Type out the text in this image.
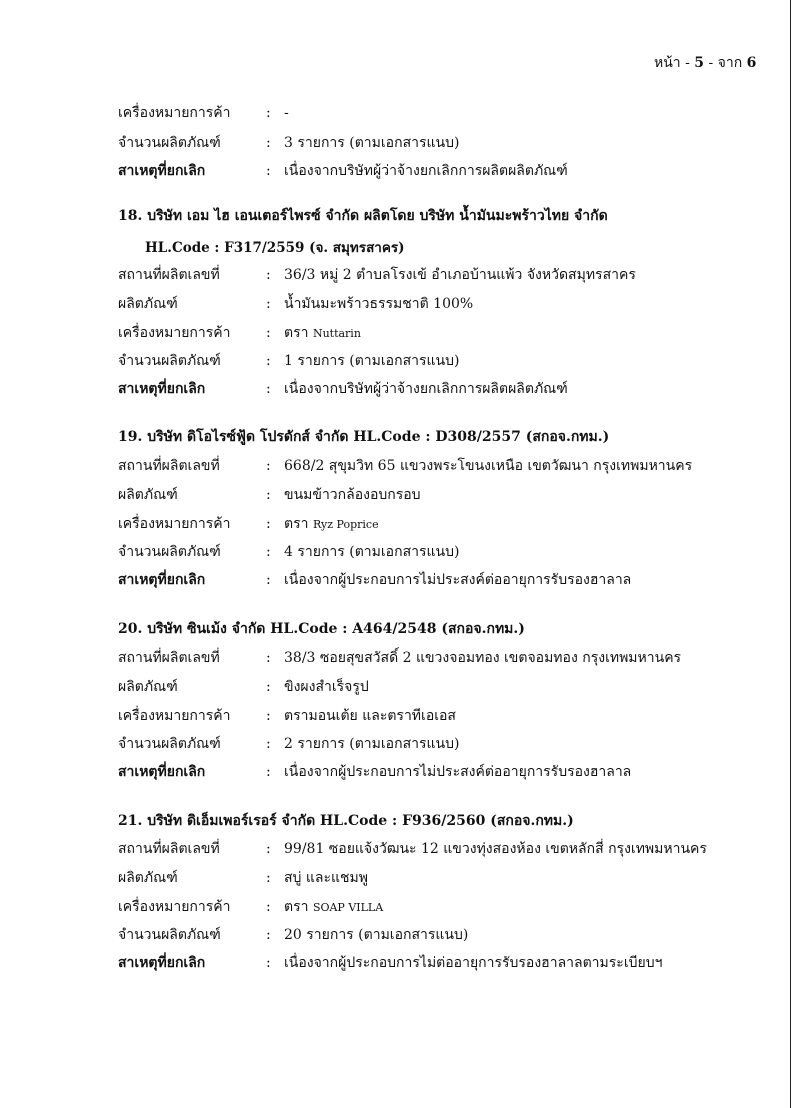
หน้า - 5 - จาก 6
เครื่องหมายการค้า	: -
จำนวนผลิตภัณฑ์	: 3 รายการ (ตามเอกสารแนบ)
สาเหตุที่ยกเลิก	: เนื่องจากบริษัทผู้ว่าจ้างยกเลิกการผลิตผลิตภัณฑ์
18. บริษัท เอม ไฮ เอนเตอร์ไพรซ์ จำกัด ผลิตโดย บริษัท น้ำมันมะพร้าวไทย จำกัด
HL.Code : F317/2559 (จ. สมุทรสาคร)
สถานที่ผลิตเลขที่	: 36/3 หมู่ 2 ตำบลโรงเข้ อำเภอบ้านแพ้ว จังหวัดสมุทรสาคร
ผลิตภัณฑ์	: น้ำมันมะพร้าวธรรมชาติ 100%
เครื่องหมายการค้า	: ตรา Nuttarin
จำนวนผลิตภัณฑ์	: 1 รายการ (ตามเอกสารแนบ)
สาเหตุที่ยกเลิก	: เนื่องจากบริษัทผู้ว่าจ้างยกเลิกการผลิตผลิตภัณฑ์
19. บริษัท ดิโอไรซ์ฟู้ด โปรดักส์ จำกัด HL.Code : D308/2557 (สกอจ.กทม.)
สถานที่ผลิตเลขที่	: 668/2 สุขุมวิท 65 แขวงพระโขนงเหนือ เขตวัฒนา กรุงเทพมหานคร
ผลิตภัณฑ์	: ขนมข้าวกล้องอบกรอบ
เครื่องหมายการค้า	: ตรา Ryz Poprice
จำนวนผลิตภัณฑ์	: 4 รายการ (ตามเอกสารแนบ)
สาเหตุที่ยกเลิก	: เนื่องจากผู้ประกอบการไม่ประสงค์ต่ออายุการรับรองฮาลาล
20. บริษัท ซินเม้ง จำกัด HL.Code : A464/2548 (สกอจ.กทม.)
สถานที่ผลิตเลขที่	: 38/3 ซอยสุขสวัสดิ์ 2 แขวงจอมทอง เขตจอมทอง กรุงเทพมหานคร
ผลิตภัณฑ์	: ขิงผงสำเร็จรูป
เครื่องหมายการค้า	: ตรามอนเต้ย และตราทีเอเอส
จำนวนผลิตภัณฑ์	: 2 รายการ (ตามเอกสารแนบ)
สาเหตุที่ยกเลิก	: เนื่องจากผู้ประกอบการไม่ประสงค์ต่ออายุการรับรองฮาลาล
21. บริษัท ดิเอ็มเพอร์เรอร์ จำกัด HL.Code : F936/2560 (สกอจ.กทม.)
สถานที่ผลิตเลขที่	: 99/81 ซอยแจ้งวัฒนะ 12 แขวงทุ่งสองห้อง เขตหลักสี่ กรุงเทพมหานคร
ผลิตภัณฑ์	: สบู่ และแชมพู
เครื่องหมายการค้า	: ตรา SOAP VILLA
จำนวนผลิตภัณฑ์	: 20 รายการ (ตามเอกสารแนบ)
สาเหตุที่ยกเลิก	: เนื่องจากผู้ประกอบการไม่ต่ออายุการรับรองฮาลาลตามระเบียบฯ
